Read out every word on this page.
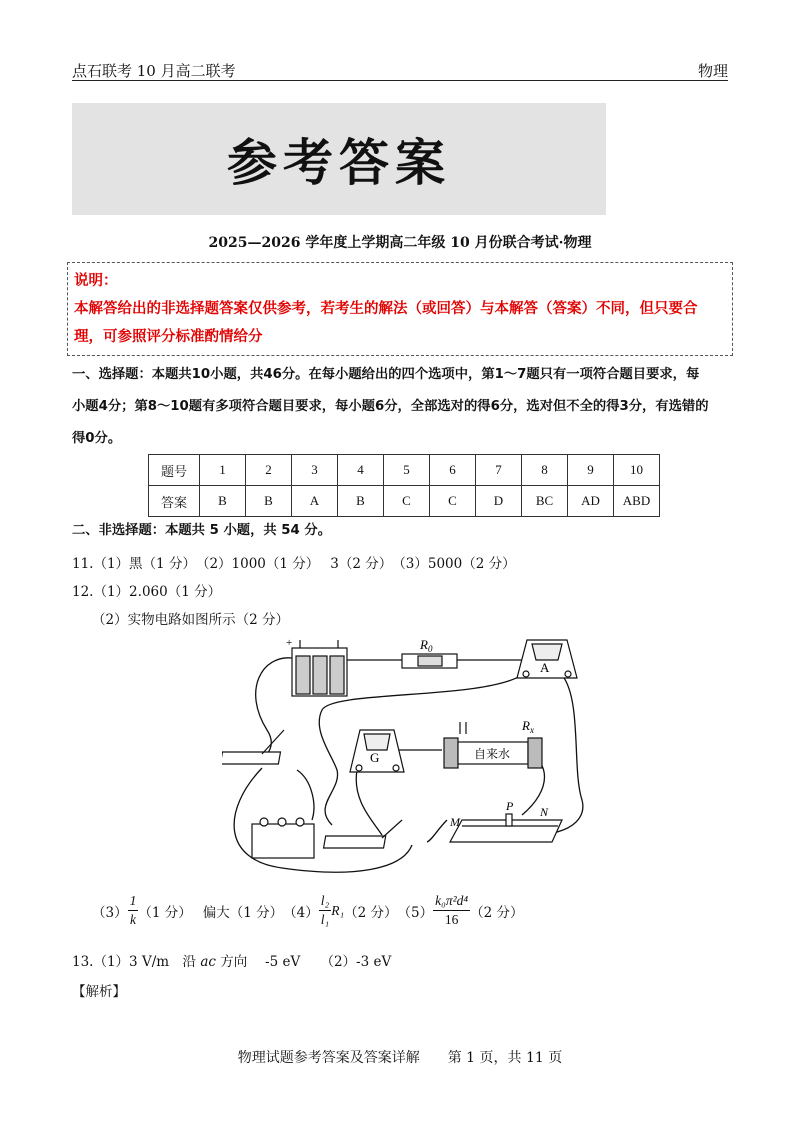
点石联考 10 月高二联考	物理
参考答案
2025—2026 学年度上学期高二年级 10 月份联合考试·物理
说明：
本解答给出的非选择题答案仅供参考，若考生的解法（或回答）与本解答（答案）不同，但只要合理，可参照评分标准酌情给分
一、选择题：本题共10小题，共46分。在每小题给出的四个选项中，第1～7题只有一项符合题目要求，每
小题4分；第8～10题有多项符合题目要求，每小题6分，全部选对的得6分，选对但不全的得3分，有选错的
得0分。
题号	1	2	3	4	5	6	7	8	9	10
答案	B	B	A	B	C	C	D	BC	AD	ABD
二、非选择题：本题共 5 小题，共 54 分。
11.（1）黑（1 分）　（2）1000（1 分）　 3（2 分）　（3）5000（2 分）
12.（1）2.060（1 分）
（2）实物电路如图所示（2 分）
+	$R_0$
A
G
$R_x$
自来水
P N
M
$(3) \frac{1}{k} (1$ 分）　 偏大（1 分）　$(4) \frac{\text{l₂}}{\text{l₁}} R_1$ （2 分）　$(5) \frac{\text{k₀π²d⁴}}{16} (2$ 分）
13.（1）3 V/m　沿 ac 方向　 -5 eV　　（2）-3 eV
【解析】
物理试题参考答案及答案详解　　第 1 页，共 11 页
